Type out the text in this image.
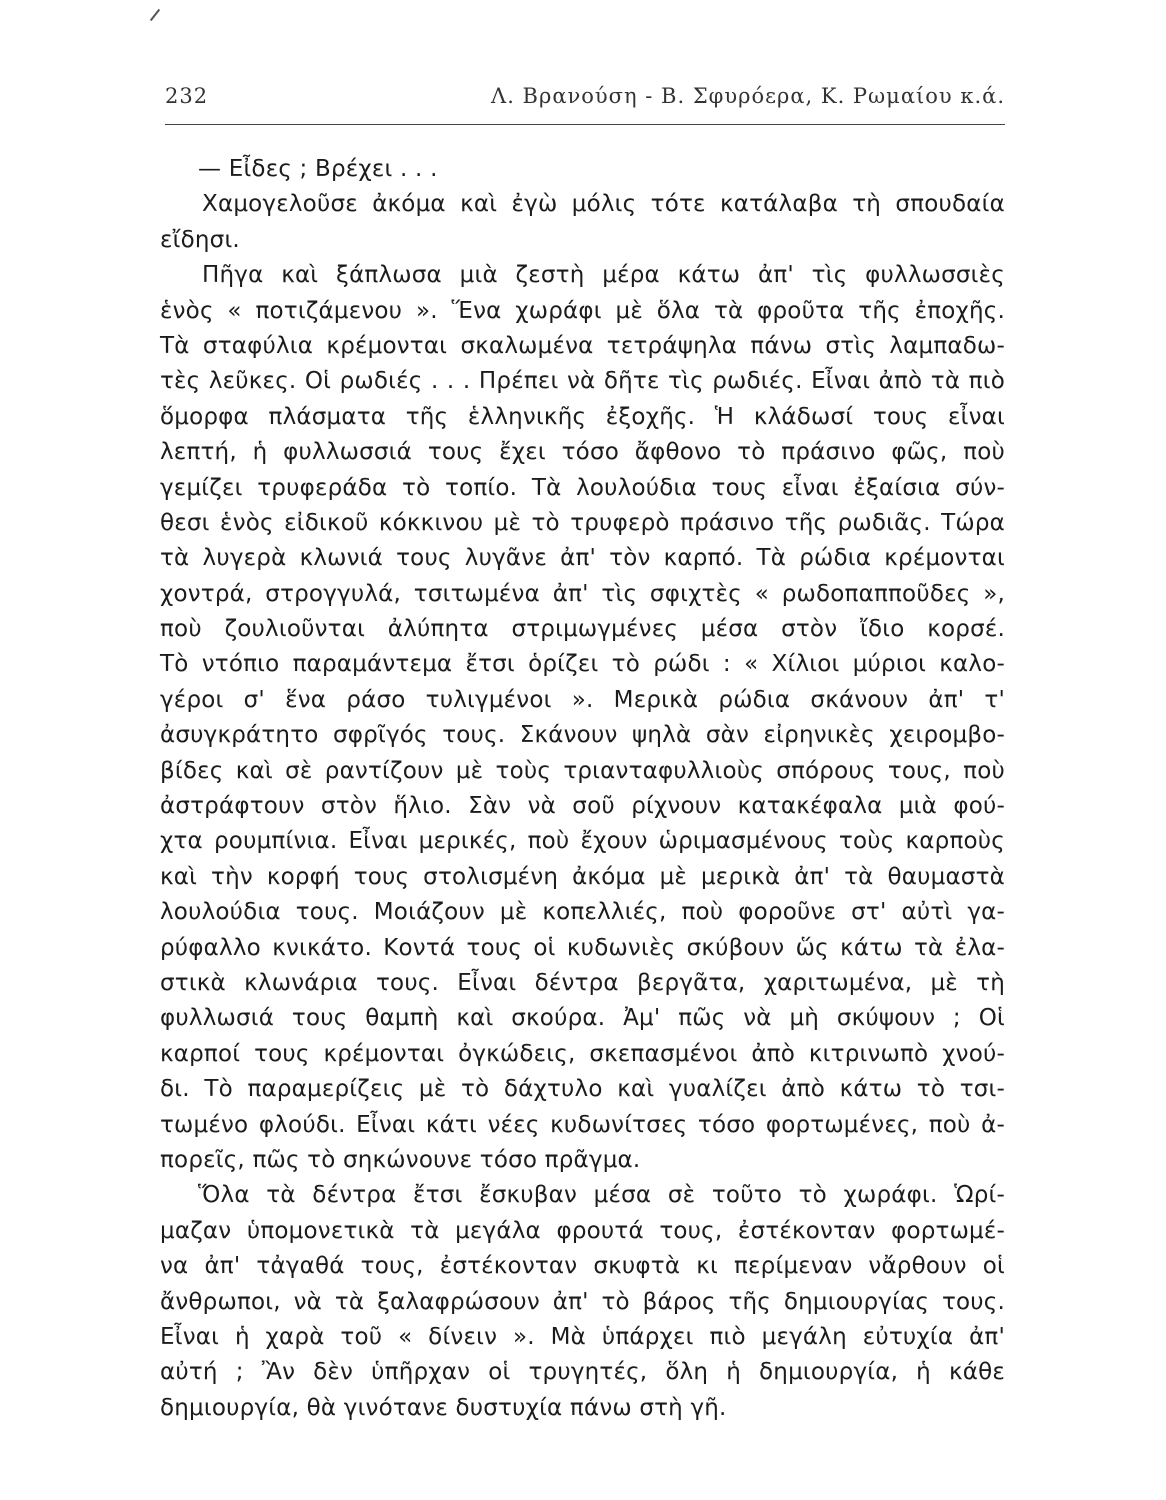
232	Λ. Βρανούση - Β. Σφυρόερα, Κ. Ρωμαίου κ.ά.
— Εἶδες ; Βρέχει . . .
Χαμογελοῦσε ἀκόμα καὶ ἐγὼ μόλις τότε κατάλαβα τὴ σπουδαία
εἴδησι.
Πῆγα καὶ ξάπλωσα μιὰ ζεστὴ μέρα κάτω ἀπ' τὶς φυλλωσσιὲς
ἑνὸς « ποτιζάμενου ». Ἕνα χωράφι μὲ ὅλα τὰ φροῦτα τῆς ἐποχῆς.
Τὰ σταφύλια κρέμονται σκαλωμένα τετράψηλα πάνω στὶς λαμπαδω-
τὲς λεῦκες. Οἱ ρωδιές . . . Πρέπει νὰ δῆτε τὶς ρωδιές. Εἶναι ἀπὸ τὰ πιὸ
ὅμορφα πλάσματα τῆς ἑλληνικῆς ἐξοχῆς. Ἡ κλάδωσί τους εἶναι
λεπτή, ἡ φυλλωσσιά τους ἔχει τόσο ἄφθονο τὸ πράσινο φῶς, ποὺ
γεμίζει τρυφεράδα τὸ τοπίο. Τὰ λουλούδια τους εἶναι ἐξαίσια σύν-
θεσι ἑνὸς εἰδικοῦ κόκκινου μὲ τὸ τρυφερὸ πράσινο τῆς ρωδιᾶς. Τώρα
τὰ λυγερὰ κλωνιά τους λυγᾶνε ἀπ' τὸν καρπό. Τὰ ρώδια κρέμονται
χοντρά, στρογγυλά, τσιτωμένα ἀπ' τὶς σφιχτὲς « ρωδοπαπποῦδες »,
ποὺ ζουλιοῦνται ἀλύπητα στριμωγμένες μέσα στὸν ἴδιο κορσέ.
Τὸ ντόπιο παραμάντεμα ἔτσι ὁρίζει τὸ ρώδι : « Χίλιοι μύριοι καλο-
γέροι σ' ἕνα ράσο τυλιγμένοι ». Μερικὰ ρώδια σκάνουν ἀπ' τ'
ἀσυγκράτητο σφρῖγός τους. Σκάνουν ψηλὰ σὰν εἰρηνικὲς χειρομβο-
βίδες καὶ σὲ ραντίζουν μὲ τοὺς τριανταφυλλιοὺς σπόρους τους, ποὺ
ἀστράφτουν στὸν ἥλιο. Σὰν νὰ σοῦ ρίχνουν κατακέφαλα μιὰ φού-
χτα ρουμπίνια. Εἶναι μερικές, ποὺ ἔχουν ὡριμασμένους τοὺς καρποὺς
καὶ τὴν κορφή τους στολισμένη ἀκόμα μὲ μερικὰ ἀπ' τὰ θαυμαστὰ
λουλούδια τους. Μοιάζουν μὲ κοπελλιές, ποὺ φοροῦνε στ' αὐτὶ γα-
ρύφαλλο κνικάτο. Κοντά τους οἱ κυδωνιὲς σκύβουν ὥς κάτω τὰ ἐλα-
στικὰ κλωνάρια τους. Εἶναι δέντρα βεργᾶτα, χαριτωμένα, μὲ τὴ
φυλλωσιά τους θαμπὴ καὶ σκούρα. Ἀμ' πῶς νὰ μὴ σκύψουν ; Οἱ
καρποί τους κρέμονται ὀγκώδεις, σκεπασμένοι ἀπὸ κιτρινωπὸ χνού-
δι. Τὸ παραμερίζεις μὲ τὸ δάχτυλο καὶ γυαλίζει ἀπὸ κάτω τὸ τσι-
τωμένο φλούδι. Εἶναι κάτι νέες κυδωνίτσες τόσο φορτωμένες, ποὺ ἀ-
πορεῖς, πῶς τὸ σηκώνουνε τόσο πρᾶγμα.
Ὅλα τὰ δέντρα ἔτσι ἔσκυβαν μέσα σὲ τοῦτο τὸ χωράφι. Ὡρί-
μαζαν ὑπομονετικὰ τὰ μεγάλα φρουτά τους, ἐστέκονταν φορτωμέ-
να ἀπ' τἀγαθά τους, ἐστέκονταν σκυφτὰ κι περίμεναν νἄρθουν οἱ
ἄνθρωποι, νὰ τὰ ξαλαφρώσουν ἀπ' τὸ βάρος τῆς δημιουργίας τους.
Εἶναι ἡ χαρὰ τοῦ « δίνειν ». Μὰ ὑπάρχει πιὸ μεγάλη εὐτυχία ἀπ'
αὐτή ; Ἂν δὲν ὑπῆρχαν οἱ τρυγητές, ὅλη ἡ δημιουργία, ἡ κάθε
δημιουργία, θὰ γινότανε δυστυχία πάνω στὴ γῆ.
